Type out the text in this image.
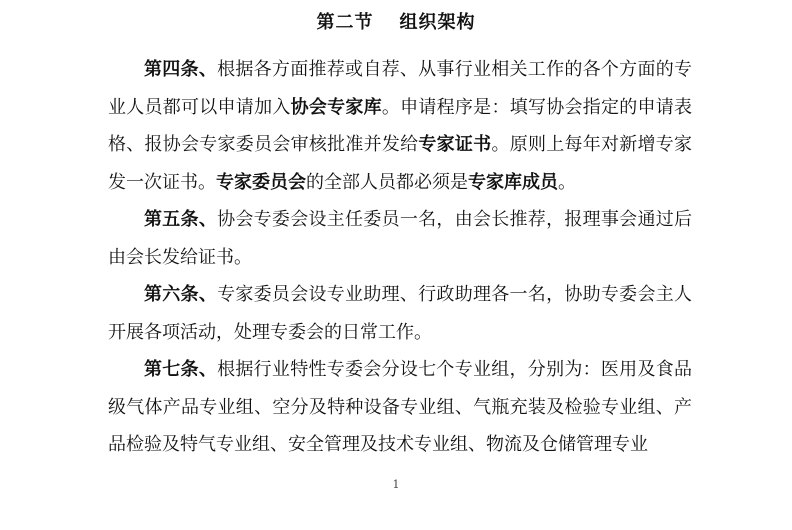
第二节 组织架构

第四条、根据各方面推荐或自荐、从事行业相关工作的各个方面的专业人员都可以申请加入协会专家库。申请程序是：填写协会指定的申请表格、报协会专家委员会审核批准并发给专家证书。原则上每年对新增专家发一次证书。专家委员会的全部人员都必须是专家库成员。

第五条、协会专委会设主任委员一名，由会长推荐，报理事会通过后由会长发给证书。

第六条、专家委员会设专业助理、行政助理各一名，协助专委会主人开展各项活动，处理专委会的日常工作。

第七条、根据行业特性专委会分设七个专业组，分别为：医用及食品级气体产品专业组、空分及特种设备专业组、气瓶充装及检验专业组、产品检验及特气专业组、安全管理及技术专业组、物流及仓储管理专业

1
